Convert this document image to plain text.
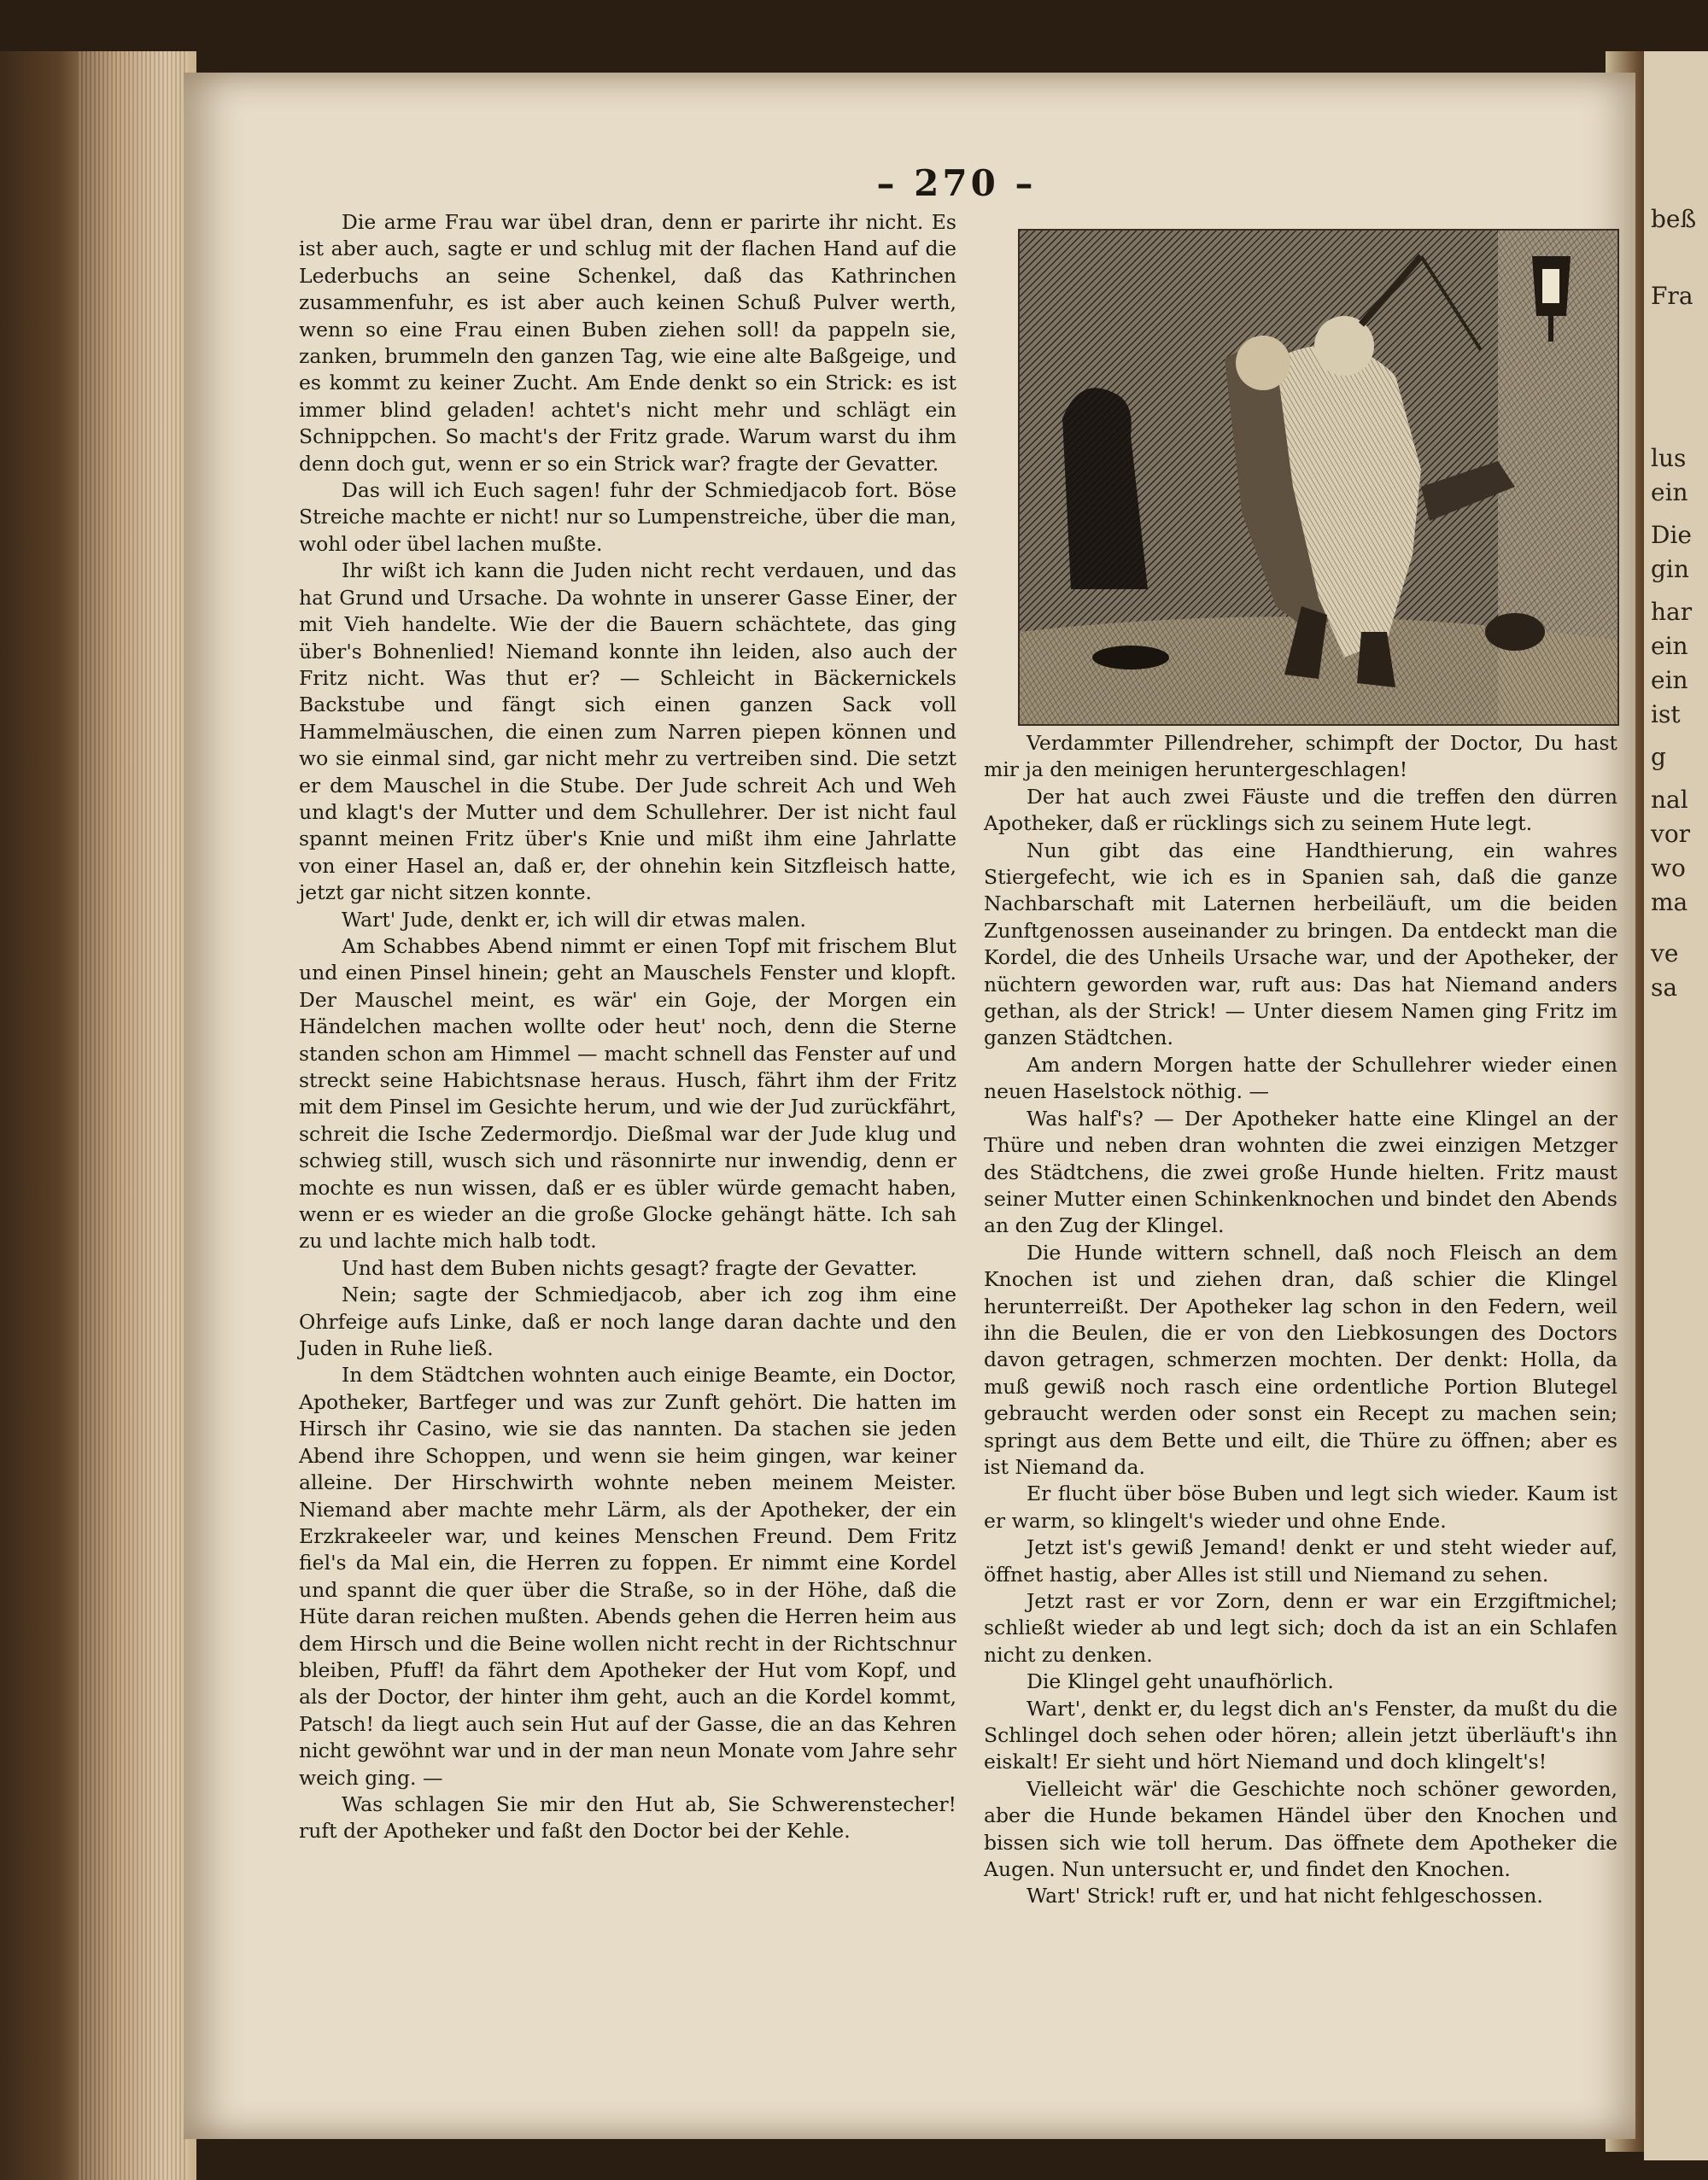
beß
Fra
lus
ein
Die
gin
har
ein
ein
ist
g
nal
vor
wo
ma
ve
sa
– 270 –

Die arme Frau war übel dran, denn er parirte ihr nicht. Es ist aber auch, sagte er und schlug mit der flachen Hand auf die Lederbuchs an seine Schenkel, daß das Kathrinchen zusammenfuhr, es ist aber auch keinen Schuß Pulver werth, wenn so eine Frau einen Buben ziehen soll! da pappeln sie, zanken, brummeln den ganzen Tag, wie eine alte Baßgeige, und es kommt zu keiner Zucht. Am Ende denkt so ein Strick: es ist immer blind geladen! achtet's nicht mehr und schlägt ein Schnippchen. So macht's der Fritz grade. Warum warst du ihm denn doch gut, wenn er so ein Strick war? fragte der Gevatter.

Das will ich Euch sagen! fuhr der Schmiedjacob fort. Böse Streiche machte er nicht! nur so Lumpenstreiche, über die man, wohl oder übel lachen mußte.

Ihr wißt ich kann die Juden nicht recht verdauen, und das hat Grund und Ursache. Da wohnte in unserer Gasse Einer, der mit Vieh handelte. Wie der die Bauern schächtete, das ging über's Bohnenlied! Niemand konnte ihn leiden, also auch der Fritz nicht. Was thut er? — Schleicht in Bäckernickels Backstube und fängt sich einen ganzen Sack voll Hammelmäuschen, die einen zum Narren piepen können und wo sie einmal sind, gar nicht mehr zu vertreiben sind. Die setzt er dem Mauschel in die Stube. Der Jude schreit Ach und Weh und klagt's der Mutter und dem Schullehrer. Der ist nicht faul spannt meinen Fritz über's Knie und mißt ihm eine Jahrlatte von einer Hasel an, daß er, der ohnehin kein Sitzfleisch hatte, jetzt gar nicht sitzen konnte.

Wart' Jude, denkt er, ich will dir etwas malen.

Am Schabbes Abend nimmt er einen Topf mit frischem Blut und einen Pinsel hinein; geht an Mauschels Fenster und klopft. Der Mauschel meint, es wär' ein Goje, der Morgen ein Händelchen machen wollte oder heut' noch, denn die Sterne standen schon am Himmel — macht schnell das Fenster auf und streckt seine Habichtsnase heraus. Husch, fährt ihm der Fritz mit dem Pinsel im Gesichte herum, und wie der Jud zurückfährt, schreit die Ische Zedermordjo. Dießmal war der Jude klug und schwieg still, wusch sich und räsonnirte nur inwendig, denn er mochte es nun wissen, daß er es übler würde gemacht haben, wenn er es wieder an die große Glocke gehängt hätte. Ich sah zu und lachte mich halb todt.

Und hast dem Buben nichts gesagt? fragte der Gevatter.

Nein; sagte der Schmiedjacob, aber ich zog ihm eine Ohrfeige aufs Linke, daß er noch lange daran dachte und den Juden in Ruhe ließ.

In dem Städtchen wohnten auch einige Beamte, ein Doctor, Apotheker, Bartfeger und was zur Zunft gehört. Die hatten im Hirsch ihr Casino, wie sie das nannten. Da stachen sie jeden Abend ihre Schoppen, und wenn sie heim gingen, war keiner alleine. Der Hirschwirth wohnte neben meinem Meister. Niemand aber machte mehr Lärm, als der Apotheker, der ein Erzkrakeeler war, und keines Menschen Freund. Dem Fritz fiel's da Mal ein, die Herren zu foppen. Er nimmt eine Kordel und spannt die quer über die Straße, so in der Höhe, daß die Hüte daran reichen mußten. Abends gehen die Herren heim aus dem Hirsch und die Beine wollen nicht recht in der Richtschnur bleiben, Pfuff! da fährt dem Apotheker der Hut vom Kopf, und als der Doctor, der hinter ihm geht, auch an die Kordel kommt, Patsch! da liegt auch sein Hut auf der Gasse, die an das Kehren nicht gewöhnt war und in der man neun Monate vom Jahre sehr weich ging. —

Was schlagen Sie mir den Hut ab, Sie Schwerenstecher! ruft der Apotheker und faßt den Doctor bei der Kehle.

Verdammter Pillendreher, schimpft der Doctor, Du hast mir ja den meinigen heruntergeschlagen!

Der hat auch zwei Fäuste und die treffen den dürren Apotheker, daß er rücklings sich zu seinem Hute legt.

Nun gibt das eine Handthierung, ein wahres Stiergefecht, wie ich es in Spanien sah, daß die ganze Nachbarschaft mit Laternen herbeiläuft, um die beiden Zunftgenossen auseinander zu bringen. Da entdeckt man die Kordel, die des Unheils Ursache war, und der Apotheker, der nüchtern geworden war, ruft aus: Das hat Niemand anders gethan, als der Strick! — Unter diesem Namen ging Fritz im ganzen Städtchen.

Am andern Morgen hatte der Schullehrer wieder einen neuen Haselstock nöthig. —

Was half's? — Der Apotheker hatte eine Klingel an der Thüre und neben dran wohnten die zwei einzigen Metzger des Städtchens, die zwei große Hunde hielten. Fritz maust seiner Mutter einen Schinkenknochen und bindet den Abends an den Zug der Klingel.

Die Hunde wittern schnell, daß noch Fleisch an dem Knochen ist und ziehen dran, daß schier die Klingel herunterreißt. Der Apotheker lag schon in den Federn, weil ihn die Beulen, die er von den Liebkosungen des Doctors davon getragen, schmerzen mochten. Der denkt: Holla, da muß gewiß noch rasch eine ordentliche Portion Blutegel gebraucht werden oder sonst ein Recept zu machen sein; springt aus dem Bette und eilt, die Thüre zu öffnen; aber es ist Niemand da.

Er flucht über böse Buben und legt sich wieder. Kaum ist er warm, so klingelt's wieder und ohne Ende.

Jetzt ist's gewiß Jemand! denkt er und steht wieder auf, öffnet hastig, aber Alles ist still und Niemand zu sehen.

Jetzt rast er vor Zorn, denn er war ein Erzgiftmichel; schließt wieder ab und legt sich; doch da ist an ein Schlafen nicht zu denken.

Die Klingel geht unaufhörlich.

Wart', denkt er, du legst dich an's Fenster, da mußt du die Schlingel doch sehen oder hören; allein jetzt überläuft's ihn eiskalt! Er sieht und hört Niemand und doch klingelt's!

Vielleicht wär' die Geschichte noch schöner geworden, aber die Hunde bekamen Händel über den Knochen und bissen sich wie toll herum. Das öffnete dem Apotheker die Augen. Nun untersucht er, und findet den Knochen.

Wart' Strick! ruft er, und hat nicht fehlgeschossen.
